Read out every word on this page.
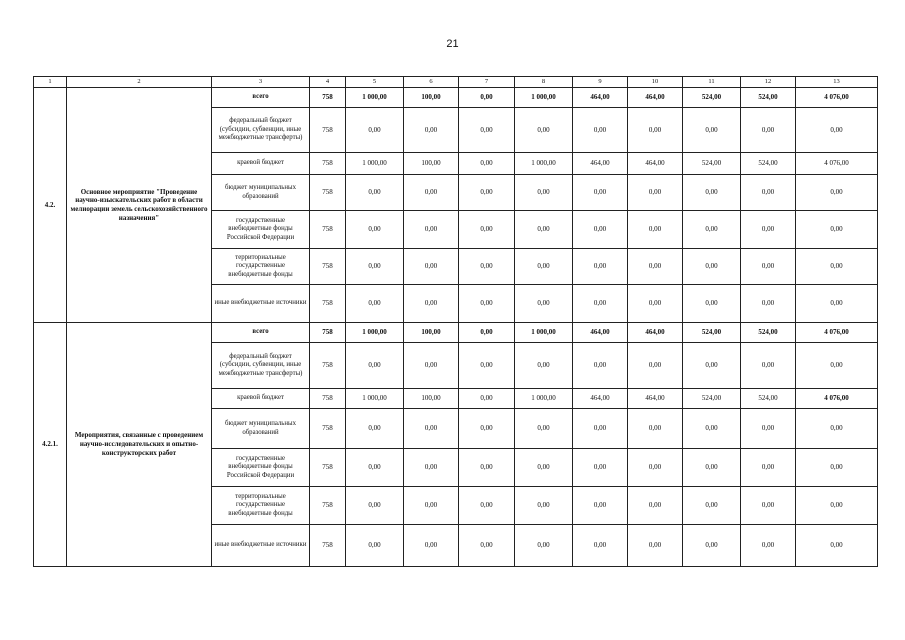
21
1	2	3	4	5	6	7	8	9	10	11	12	13
4.2.	Основное мероприятие "Проведение научно-изыскательских работ в области мелиорации земель сельскохозяйственного назначения"	всего	758	1 000,00	100,00	0,00	1 000,00	464,00	464,00	524,00	524,00	4 076,00
		федеральный бюджет (субсидии, субвенции, иные межбюджетные трансферты)	758	0,00	0,00	0,00	0,00	0,00	0,00	0,00	0,00	0,00
		краевой бюджет	758	1 000,00	100,00	0,00	1 000,00	464,00	464,00	524,00	524,00	4 076,00
		бюджет муниципальных образований	758	0,00	0,00	0,00	0,00	0,00	0,00	0,00	0,00	0,00
		государственные внебюджетные фонды Российской Федерации	758	0,00	0,00	0,00	0,00	0,00	0,00	0,00	0,00	0,00
		территориальные государственные внебюджетные фонды	758	0,00	0,00	0,00	0,00	0,00	0,00	0,00	0,00	0,00
		иные внебюджетные источники	758	0,00	0,00	0,00	0,00	0,00	0,00	0,00	0,00	0,00
4.2.1.	Мероприятия, связанные с проведением научно-исследовательских и опытно-конструкторских работ	всего	758	1 000,00	100,00	0,00	1 000,00	464,00	464,00	524,00	524,00	4 076,00
		федеральный бюджет (субсидии, субвенции, иные межбюджетные трансферты)	758	0,00	0,00	0,00	0,00	0,00	0,00	0,00	0,00	0,00
		краевой бюджет	758	1 000,00	100,00	0,00	1 000,00	464,00	464,00	524,00	524,00	4 076,00
		бюджет муниципальных образований	758	0,00	0,00	0,00	0,00	0,00	0,00	0,00	0,00	0,00
		государственные внебюджетные фонды Российской Федерации	758	0,00	0,00	0,00	0,00	0,00	0,00	0,00	0,00	0,00
		территориальные государственные внебюджетные фонды	758	0,00	0,00	0,00	0,00	0,00	0,00	0,00	0,00	0,00
		иные внебюджетные источники	758	0,00	0,00	0,00	0,00	0,00	0,00	0,00	0,00	0,00
